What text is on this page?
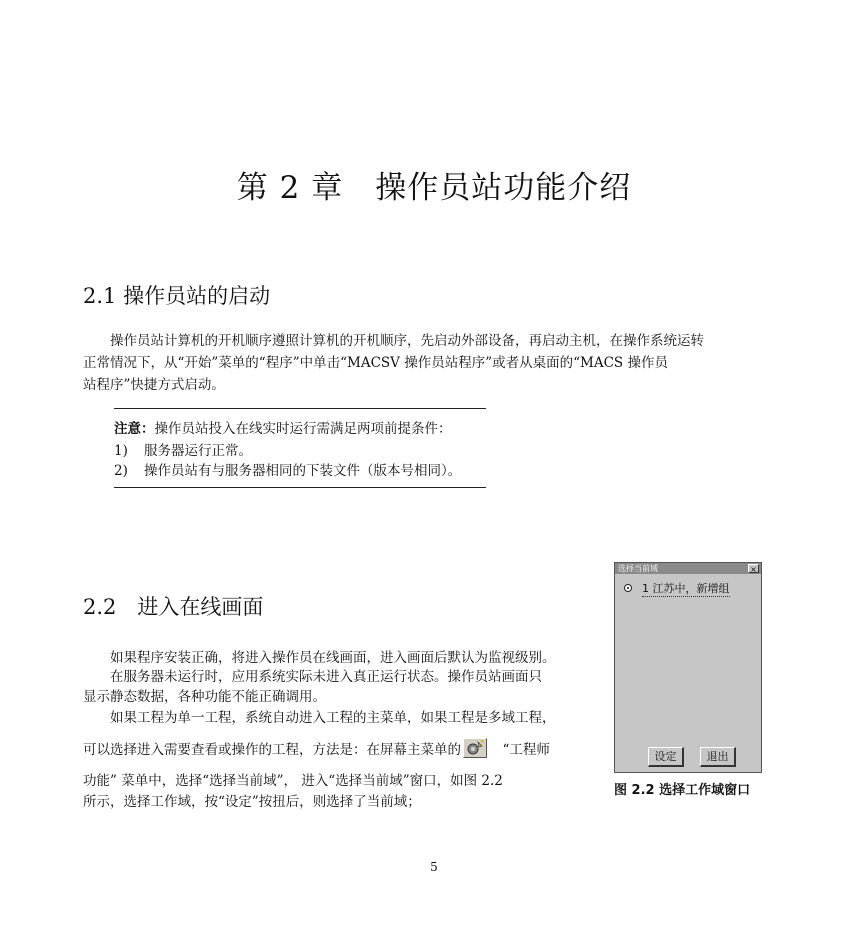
第 2 章　操作员站功能介绍
2.1 操作员站的启动
　　操作员站计算机的开机顺序遵照计算机的开机顺序，先启动外部设备，再启动主机，在操作系统运转
正常情况下，从“开始”菜单的“程序”中单击“MACSV 操作员站程序”或者从桌面的“MACS 操作员
站程序”快捷方式启动。
注意：操作员站投入在线实时运行需满足两项前提条件：
1) 服务器运行正常。
2) 操作员站有与服务器相同的下装文件（版本号相同）。
2.2　进入在线画面
　　如果程序安装正确，将进入操作员在线画面，进入画面后默认为监视级别。
　　在服务器未运行时，应用系统实际未进入真正运行状态。操作员站画面只
显示静态数据，各种功能不能正确调用。
　　如果工程为单一工程，系统自动进入工程的主菜单，如果工程是多域工程，
可以选择进入需要查看或操作的工程，方法是：在屏幕主菜单的
　“工程师
功能” 菜单中，选择“选择当前域”， 进入“选择当前域”窗口，如图 2.2
所示，选择工作域，按“设定”按扭后，则选择了当前域；
选择当前域	×
1 江苏中，新增组
设定	退出
图 2.2 选择工作域窗口
5
